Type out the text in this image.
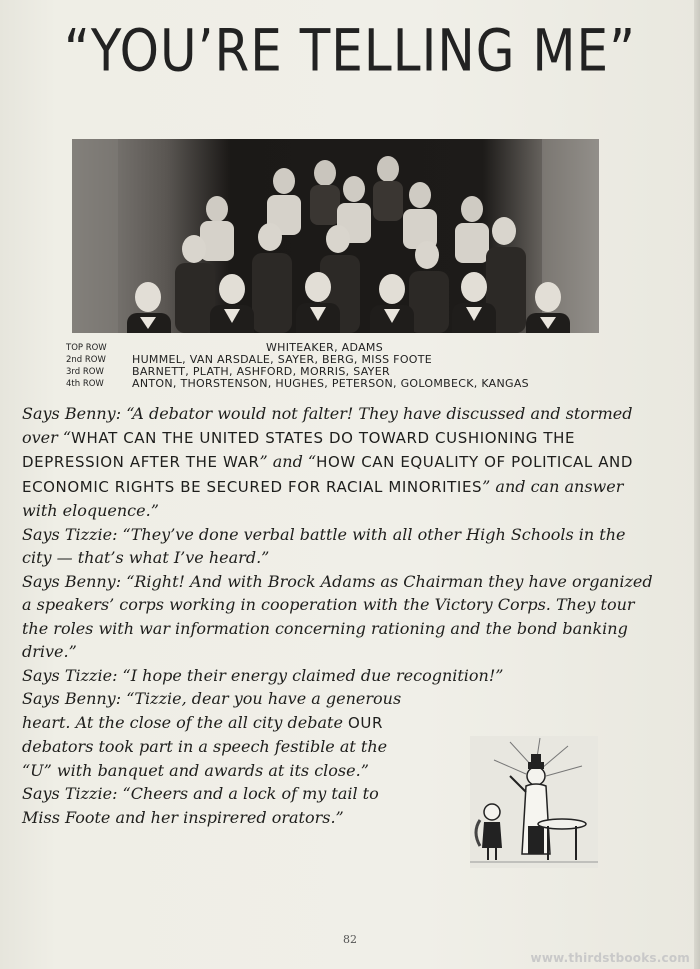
“YOU’RE TELLING ME”
TOP ROW	WHITEAKER, ADAMS
2nd ROW	HUMMEL, VAN ARSDALE, SAYER, BERG, MISS FOOTE
3rd ROW	BARNETT, PLATH, ASHFORD, MORRIS, SAYER
4th ROW	ANTON, THORSTENSON, HUGHES, PETERSON, GOLOMBECK, KANGAS

Says Benny: “A debator would not falter! They have discussed and stormed over “WHAT CAN THE UNITED STATES DO TOWARD CUSHIONING THE DEPRESSION AFTER THE WAR” and “HOW CAN EQUALITY OF POLITICAL AND ECONOMIC RIGHTS BE SECURED FOR RACIAL MINORITIES” and can answer with eloquence.”

Says Tizzie: “They’ve done verbal battle with all other High Schools in the city — that’s what I’ve heard.”

Says Benny: “Right! And with Brock Adams as Chairman they have organized a speakers’ corps working in cooperation with the Victory Corps. They tour the roles with war information concerning rationing and the bond banking drive.”

Says Tizzie: “I hope their energy claimed due recognition!”

Says Benny: “Tizzie, dear you have a generous heart. At the close of the all city debate OUR debators took part in a speech festible at the “U” with banquet and awards at its close.”

Says Tizzie: “Cheers and a lock of my tail to Miss Foote and her inspirered orators.”

82
www.thirdstbooks.com
